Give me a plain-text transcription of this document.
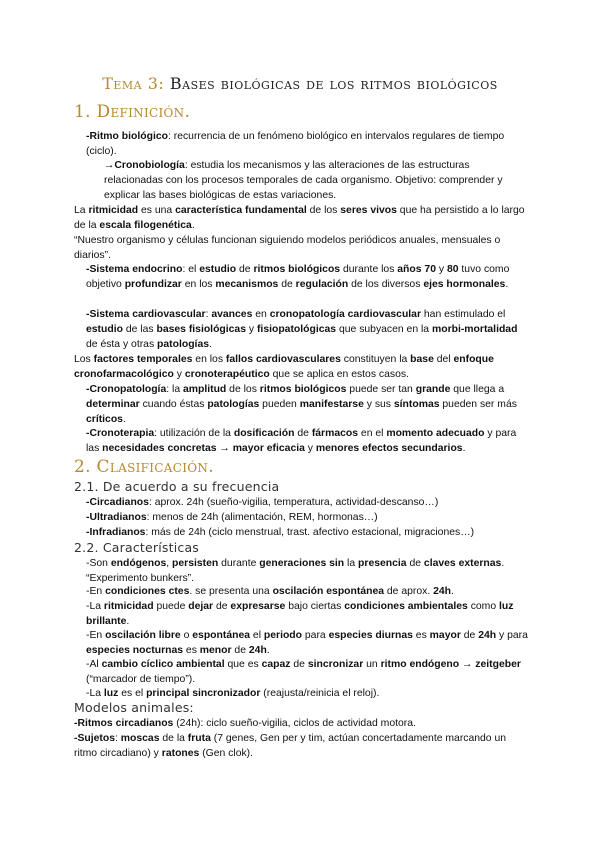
Tema 3: Bases biológicas de los ritmos biológicos
1. Definición.
-Ritmo biológico: recurrencia de un fenómeno biológico en intervalos regulares de tiempo (ciclo).
→Cronobiología: estudia los mecanismos y las alteraciones de las estructuras relacionadas con los procesos temporales de cada organismo. Objetivo: comprender y explicar las bases biológicas de estas variaciones.
La ritmicidad es una característica fundamental de los seres vivos que ha persistido a lo largo de la escala filogenética.
“Nuestro organismo y células funcionan siguiendo modelos periódicos anuales, mensuales o diarios”.
-Sistema endocrino: el estudio de ritmos biológicos durante los años 70 y 80 tuvo como objetivo profundizar en los mecanismos de regulación de los diversos ejes hormonales.
-Sistema cardiovascular: avances en cronopatología cardiovascular han estimulado el estudio de las bases fisiológicas y fisiopatológicas que subyacen en la morbi-mortalidad de ésta y otras patologías.
Los factores temporales en los fallos cardiovasculares constituyen la base del enfoque cronofarmacológico y cronoterapéutico que se aplica en estos casos.
-Cronopatología: la amplitud de los ritmos biológicos puede ser tan grande que llega a determinar cuando éstas patologías pueden manifestarse y sus síntomas pueden ser más críticos.
-Cronoterapia: utilización de la dosificación de fármacos en el momento adecuado y para las necesidades concretas → mayor eficacia y menores efectos secundarios.
2. Clasificación.
2.1. De acuerdo a su frecuencia
-Circadianos: aprox. 24h (sueño-vigilia, temperatura, actividad-descanso…)
-Ultradianos: menos de 24h (alimentación, REM, hormonas…)
-Infradianos: más de 24h (ciclo menstrual, trast. afectivo estacional, migraciones…)
2.2. Características
-Son endógenos, persisten durante generaciones sin la presencia de claves externas. “Experimento bunkers”.
-En condiciones ctes. se presenta una oscilación espontánea de aprox. 24h.
-La ritmicidad puede dejar de expresarse bajo ciertas condiciones ambientales como luz brillante.
-En oscilación libre o espontánea el periodo para especies diurnas es mayor de 24h y para especies nocturnas es menor de 24h.
-Al cambio cíclico ambiental que es capaz de sincronizar un ritmo endógeno → zeitgeber (“marcador de tiempo”).
-La luz es el principal sincronizador (reajusta/reinicia el reloj).
Modelos animales:
-Ritmos circadianos (24h): ciclo sueño-vigilia, ciclos de actividad motora.
-Sujetos: moscas de la fruta (7 genes, Gen per y tim, actúan concertadamente marcando un ritmo circadiano) y ratones (Gen clok).
